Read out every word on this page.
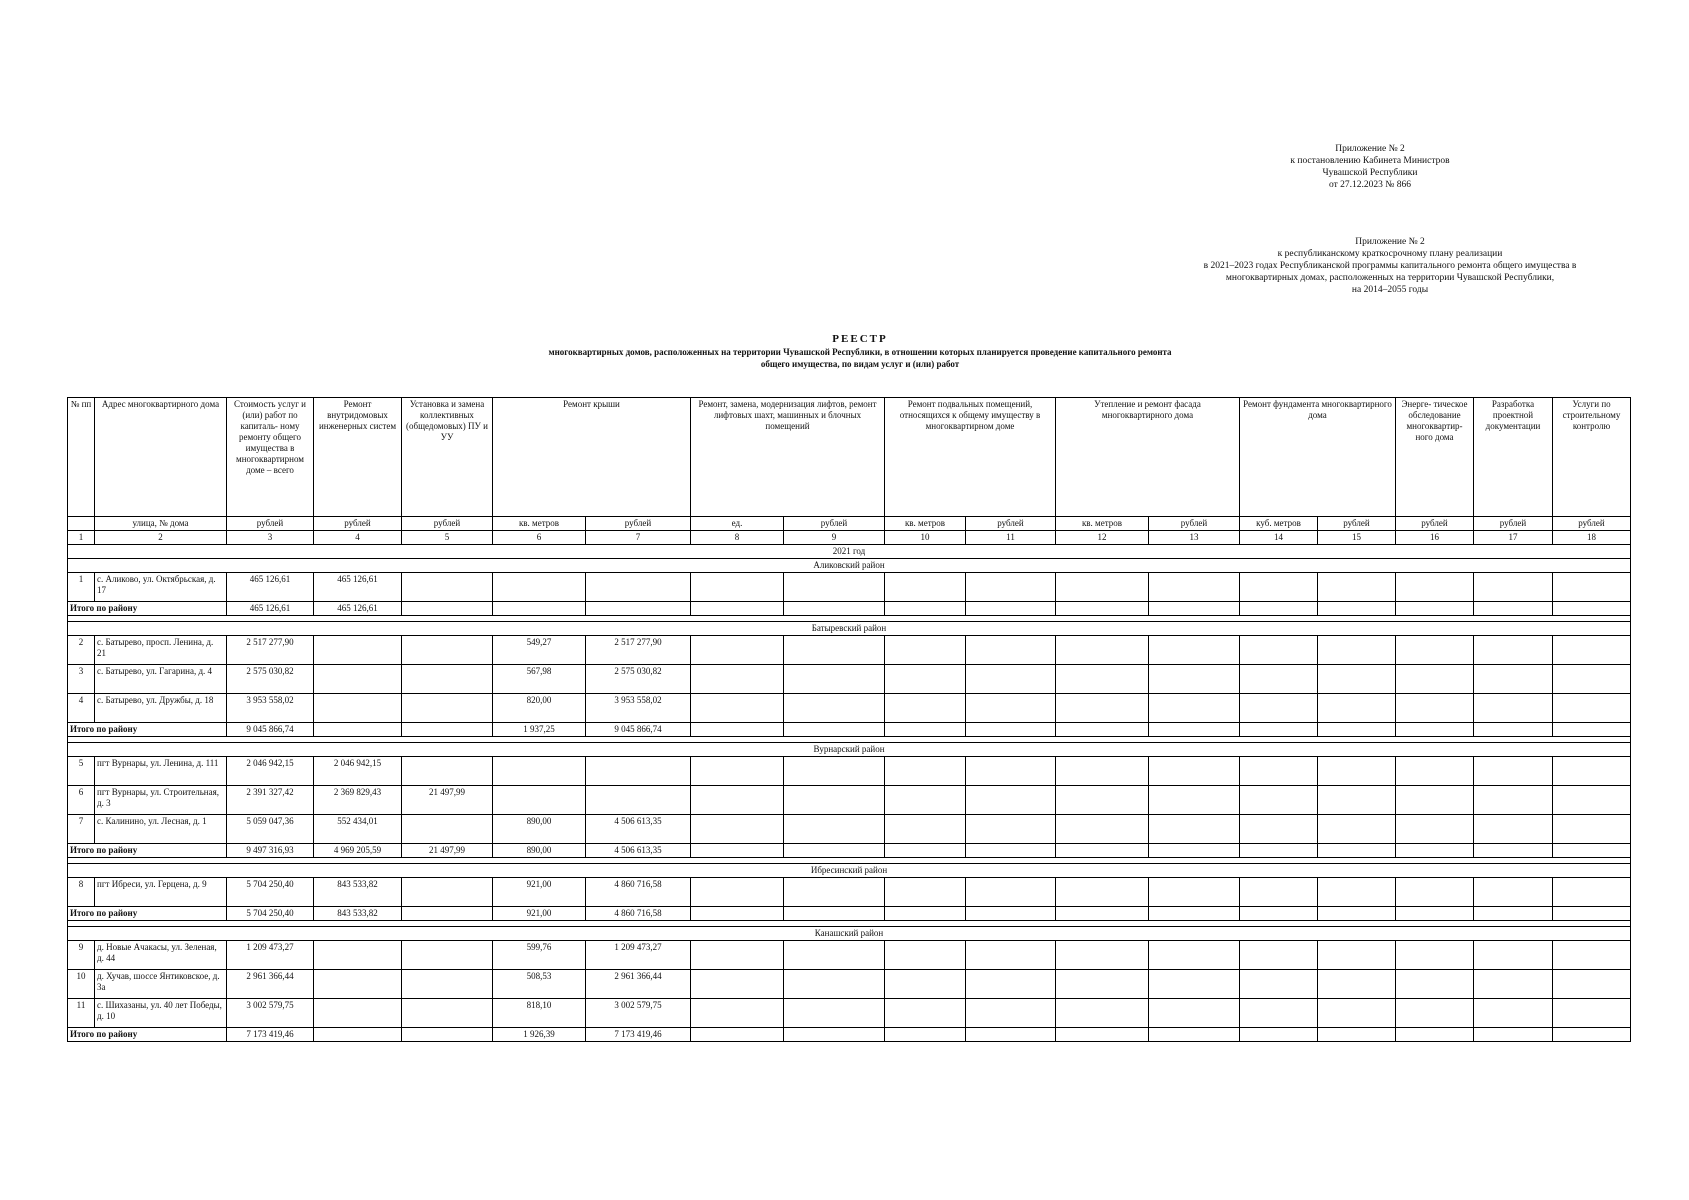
Приложение № 2
к постановлению Кабинета Министров
Чувашской Республики
от 27.12.2023 № 866
Приложение № 2
к республиканскому краткосрочному плану реализации
в 2021–2023 годах Республиканской программы капитального ремонта общего имущества в
многоквартирных домах, расположенных на территории Чувашской Республики,
на 2014–2055 годы
РЕЕСТР
многоквартирных домов, расположенных на территории Чувашской Республики, в отношении которых планируется проведение капитального ремонта
общего имущества, по видам услуг и (или) работ
№ пп	Адрес многоквартирного дома	Стоимость услуг и (или) работ по капиталь- ному ремонту общего имущества в многоквартирном доме – всего	Ремонт внутридомовых инженерных систем	Установка и замена коллективных (общедомовых) ПУ и УУ	Ремонт крыши		Ремонт, замена, модернизация лифтов, ремонт лифтовых шахт, машинных и блочных помещений		Ремонт подвальных помещений, относящихся к общему имуществу в многоквартирном доме		Утепление и ремонт фасада многоквартирного дома		Ремонт фундамента многоквартирного дома		Энерге- тическое обследование многоквартир- ного дома	Разработка проектной документации	Услуги по строительному контролю
	улица, № дома	рублей	рублей	рублей	кв. метров	рублей	ед.	рублей	кв. метров	рублей	кв. метров	рублей	куб. метров	рублей	рублей	рублей	рублей
1	2	3	4	5	6	7	8	9	10	11	12	13	14	15	16	17	18
2021 год																	
Аликовский район																	
1	с. Аликово, ул. Октябрьская, д. 17	465 126,61	465 126,61														
Итого по району		465 126,61	465 126,61														

Батыревский район																	
2	с. Батырево, просп. Ленина, д. 21	2 517 277,90			549,27	2 517 277,90											
3	с. Батырево, ул. Гагарина, д. 4	2 575 030,82			567,98	2 575 030,82											
4	с. Батырево, ул. Дружбы, д. 18	3 953 558,02			820,00	3 953 558,02											
Итого по району		9 045 866,74			1 937,25	9 045 866,74											

Вурнарский район																	
5	пгт Вурнары, ул. Ленина, д. 111	2 046 942,15	2 046 942,15														
6	пгт Вурнары, ул. Строительная, д. 3	2 391 327,42	2 369 829,43	21 497,99													
7	с. Калинино, ул. Лесная, д. 1	5 059 047,36	552 434,01		890,00	4 506 613,35											
Итого по району		9 497 316,93	4 969 205,59	21 497,99	890,00	4 506 613,35											

Ибресинский район																	
8	пгт Ибреси, ул. Герцена, д. 9	5 704 250,40	843 533,82		921,00	4 860 716,58											
Итого по району		5 704 250,40	843 533,82		921,00	4 860 716,58											

Канашский район																	
9	д. Новые Ачакасы, ул. Зеленая, д. 44	1 209 473,27			599,76	1 209 473,27											
10	д. Хучав, шоссе Янтиковское, д. 3а	2 961 366,44			508,53	2 961 366,44											
11	с. Шихазаны, ул. 40 лет Победы, д. 10	3 002 579,75			818,10	3 002 579,75											
Итого по району		7 173 419,46			1 926,39	7 173 419,46											
